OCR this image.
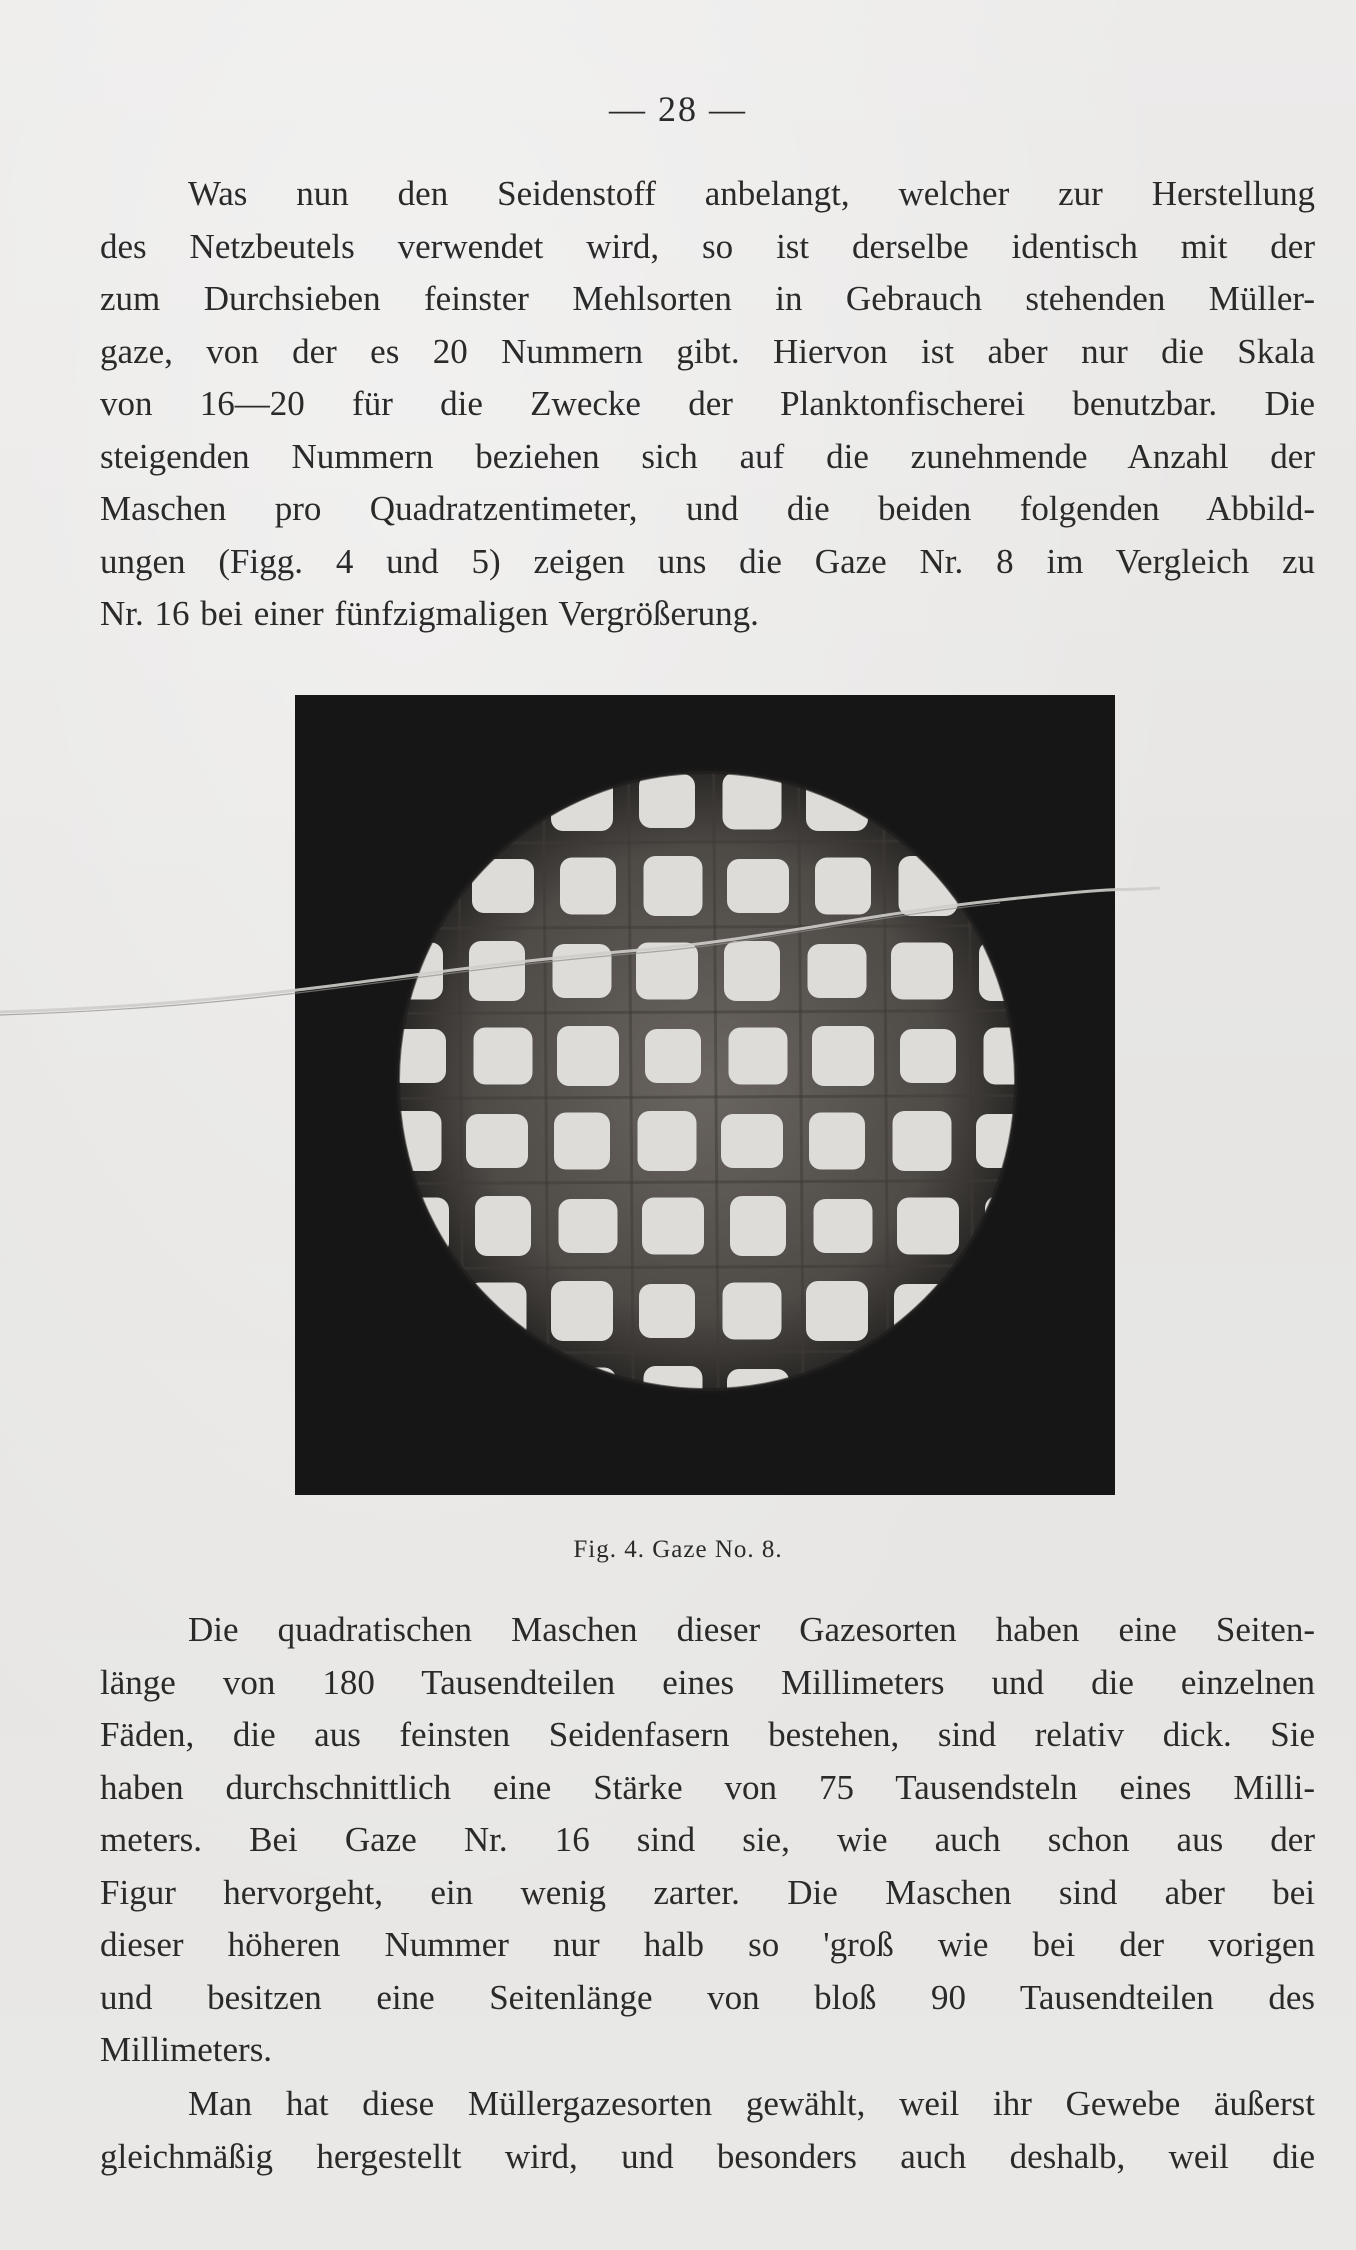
— 28 —
Was nun den Seidenstoff anbelangt, welcher zur Herstellung
des Netzbeutels verwendet wird, so ist derselbe identisch mit der
zum Durchsieben feinster Mehlsorten in Gebrauch stehenden Müller-
gaze, von der es 20 Nummern gibt. Hiervon ist aber nur die Skala
von 16—20 für die Zwecke der Planktonfischerei benutzbar. Die
steigenden Nummern beziehen sich auf die zunehmende Anzahl der
Maschen pro Quadratzentimeter, und die beiden folgenden Abbild-
ungen (Figg. 4 und 5) zeigen uns die Gaze Nr. 8 im Vergleich zu
Nr. 16 bei einer fünfzigmaligen Vergrößerung.
Fig. 4. Gaze No. 8.
Die quadratischen Maschen dieser Gazesorten haben eine Seiten-
länge von 180 Tausendteilen eines Millimeters und die einzelnen
Fäden, die aus feinsten Seidenfasern bestehen, sind relativ dick. Sie
haben durchschnittlich eine Stärke von 75 Tausendsteln eines Milli-
meters. Bei Gaze Nr. 16 sind sie, wie auch schon aus der
Figur hervorgeht, ein wenig zarter. Die Maschen sind aber bei
dieser höheren Nummer nur halb so 'groß wie bei der vorigen
und besitzen eine Seitenlänge von bloß 90 Tausendteilen des
Millimeters.
Man hat diese Müllergazesorten gewählt, weil ihr Gewebe äußerst
gleichmäßig hergestellt wird, und besonders auch deshalb, weil die
